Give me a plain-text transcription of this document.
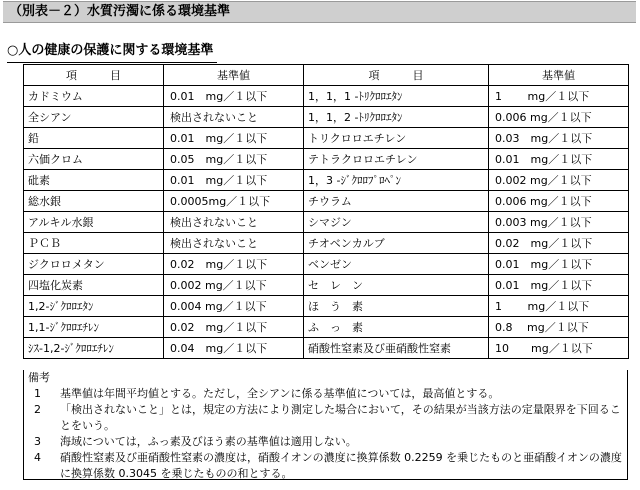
（別表－２）水質汚濁に係る環境基準
○人の健康の保護に関する環境基準
項　　　目	基準値	項　　　目	基準値
カドミウム	0.01　mg／１以下	1，1，1 -ﾄﾘｸﾛﾛｴﾀﾝ	1　　 mg／１以下
全シアン	検出されないこと	1，1，2 -ﾄﾘｸﾛﾛｴﾀﾝ	0.006 mg／１以下
鉛	0.01　mg／１以下	トリクロロエチレン	0.03　mg／１以下
六価クロム	0.05　mg／１以下	テトラクロロエチレン	0.01　mg／１以下
砒素	0.01　mg／１以下	1，3 -ｼﾞｸﾛﾛﾌﾟﾛﾍﾟﾝ	0.002 mg／１以下
総水銀	0.0005mg／１以下	チウラム	0.006 mg／１以下
アルキル水銀	検出されないこと	シマジン	0.003 mg／１以下
ＰＣＢ	検出されないこと	チオベンカルブ	0.02　mg／１以下
ジクロロメタン	0.02　mg／１以下	ベンゼン	0.01　mg／１以下
四塩化炭素	0.002 mg／１以下	セ　レ　ン	0.01　mg／１以下
1,2-ｼﾞｸﾛﾛｴﾀﾝ	0.004 mg／１以下	ほ　う　素	1　　 mg／１以下
1,1-ｼﾞｸﾛﾛｴﾁﾚﾝ	0.02　mg／１以下	ふ　っ　素	0.8　 mg／１以下
ｼｽ-1,2-ｼﾞｸﾛﾛｴﾁﾚﾝ	0.04　mg／１以下	硝酸性窒素及び亜硝酸性窒素	10　　mg／１以下
備考
1	基準値は年間平均値とする。ただし，全シアンに係る基準値については，最高値とする。
2	「検出されないこと」とは，規定の方法により測定した場合において，その結果が当該方法の定量限界を下回ることをいう。
3	海域については，ふっ素及びほう素の基準値は適用しない。
4	硝酸性窒素及び亜硝酸性窒素の濃度は，硝酸イオンの濃度に換算係数 0.2259 を乗じたものと亜硝酸イオンの濃度に換算係数 0.3045 を乗じたものの和とする。
